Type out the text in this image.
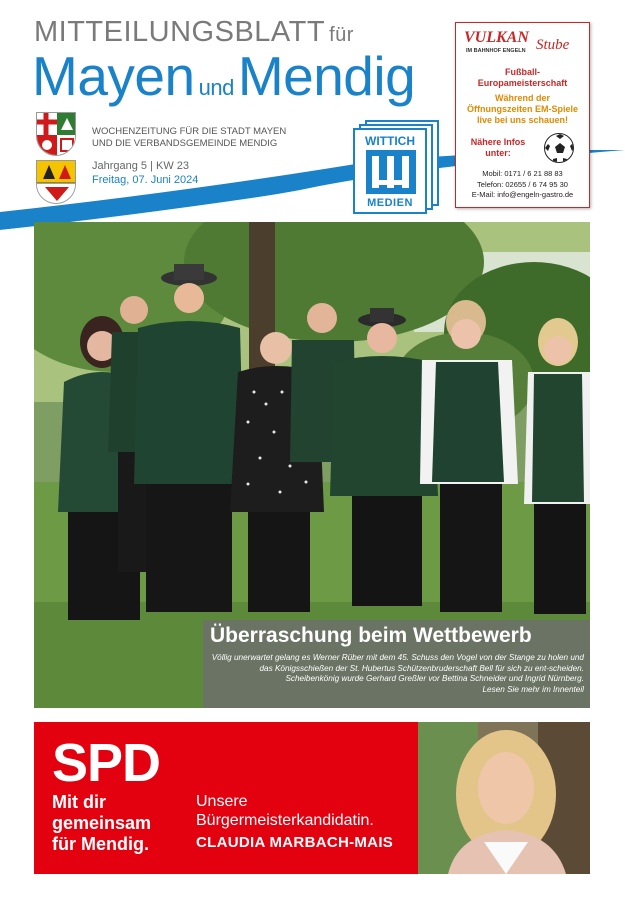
MITTEILUNGSBLATT für
Mayen undMendig
WOCHENZEITUNG FÜR DIE STADT MAYEN
UND DIE VERBANDSGEMEINDE MENDIG
Jahrgang 5 | KW 23
Freitag, 07. Juni 2024
WITTICH
MEDIEN
VULKAN Stube
IM BAHNHOF ENGELN
Fußball-
Europameisterschaft
Während der
Öffnungszeiten EM-Spiele
live bei uns schauen!
Nähere Infos
unter:
Mobil: 0171 / 6 21 88 83
Telefon: 02655 / 6 74 95 30
E-Mail: info@engeln-gastro.de
Überraschung beim Wettbewerb
Völlig unerwartet gelang es Werner Rüber mit dem 45. Schuss den Vogel von der Stange zu holen und das Königsschießen der St. Hubertus Schützenbruderschaft Bell für sich zu ent-scheiden. Scheibenkönig wurde Gerhard Greßler vor Bettina Schneider und Ingrid Nürnberg.
Lesen Sie mehr im Innenteil
SPD
Mit dir
gemeinsam
für Mendig.
Unsere
Bürgermeisterkandidatin.
CLAUDIA MARBACH-MAIS
